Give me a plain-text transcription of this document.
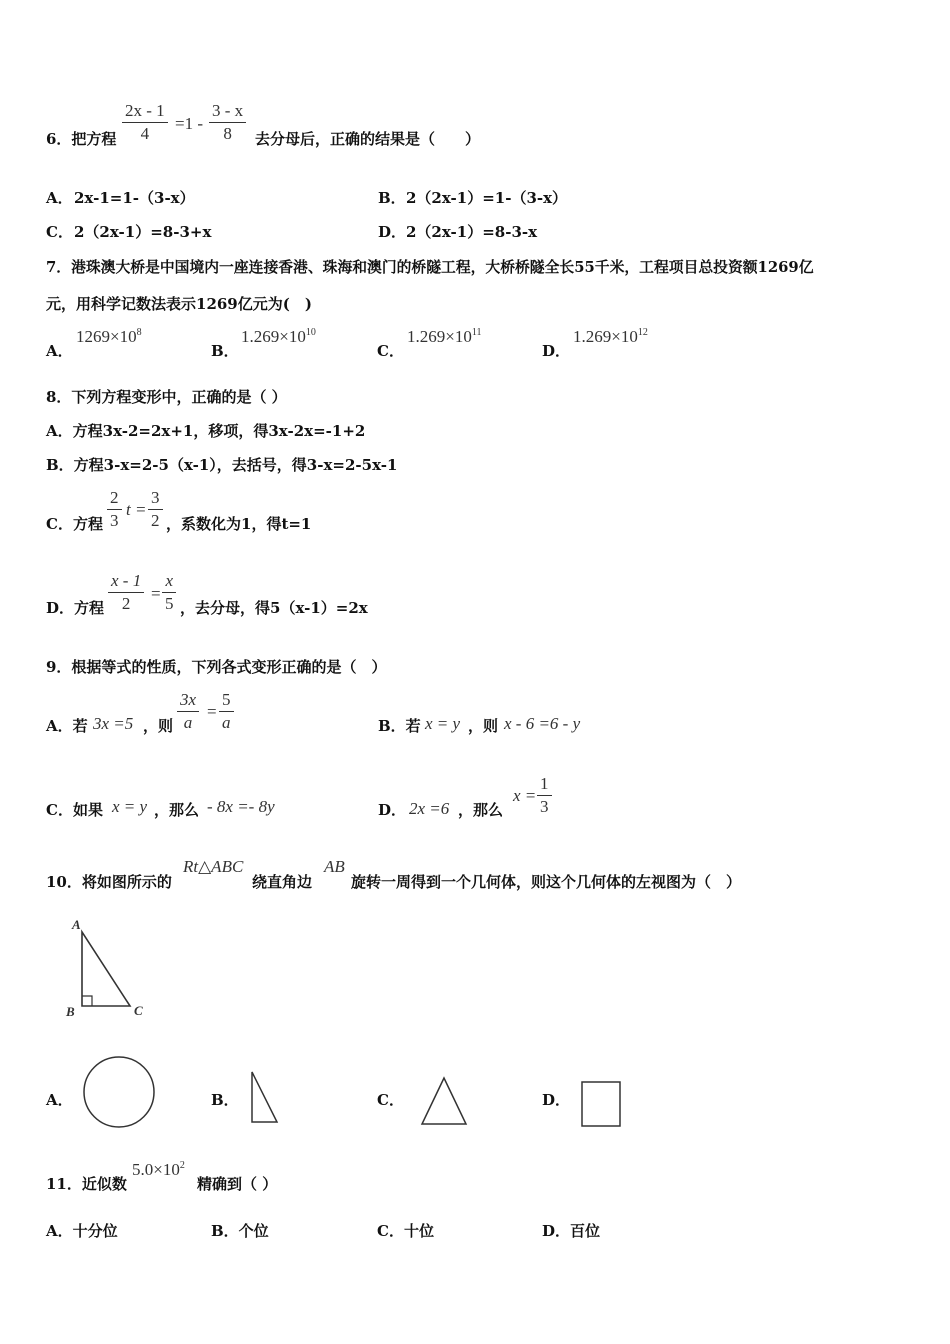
6．把方程 $\frac{2x - 1}{4} =1 - \frac{3 - x}{8}$ 去分母后，正确的结果是（　　）
A． 2x-1=1-（3-x）	B． 2（2x-1）=1-（3-x）
C． 2（2x-1）=8-3+x	D． 2（2x-1）=8-3-x
7．港珠澳大桥是中国境内一座连接香港、珠海和澳门的桥隧工程，大桥桥隧全长55千米，工程项目总投资额1269亿
元，用科学记数法表示1269亿元为(　)
A．
$1269\times 10^8$
B．
$1.269\times 10^{10}$
C．
$1.269\times 10^{11}$
D．
$1.269\times 10^{12}$
8．下列方程变形中，正确的是（ ）
A．方程3x-2=2x+1，移项，得3x-2x=-1+2
B．方程3-x=2-5（x-1），去括号，得3-x=2-5x-1
C．方程 $\frac{2}{3}$ $t = \frac{3}{2}$ ，系数化为1，得t=1
D．方程 $\frac{x - 1}{2} = \frac{x}{5}$ ，去分母，得5（x-1）=2x
9．根据等式的性质，下列各式变形正确的是（　）
A．若 3x =5 ，则 $\frac{3x}{a} = \frac{5}{a}$	B．若 x = y ，则 x - 6 =6 - y
C．如果 x = y ，那么 - 8x =- 8y	D． 2x =6 ，那么
$x = \frac{1}{3}$
10．将如图所示的
Rt△ABC
绕直角边
AB
旋转一周得到一个几何体，则这个几何体的左视图为（　）
A
B	C
A．	B．	C．	D．
11．近似数
$5.0\times 10^2$
精确到（ ）
A．十分位	B．个位	C．十位	D．百位
